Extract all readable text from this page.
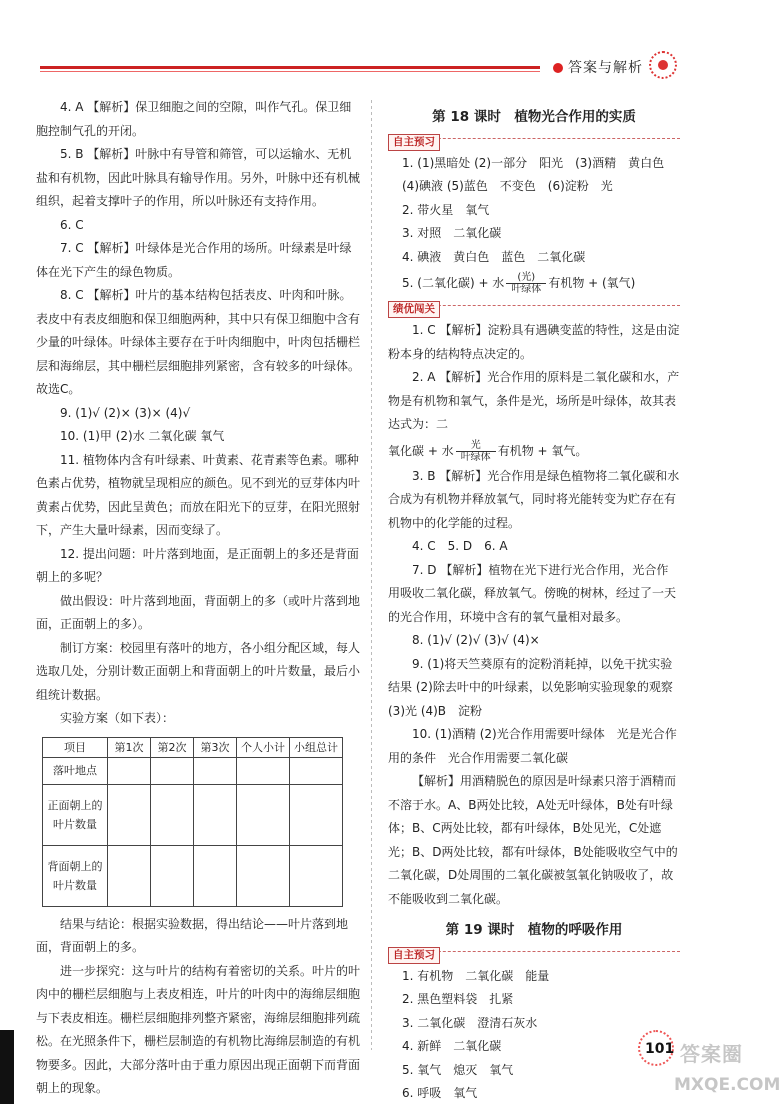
答案与解析

4. A 【解析】保卫细胞之间的空隙，叫作气孔。保卫细胞控制气孔的开闭。

5. B 【解析】叶脉中有导管和筛管，可以运输水、无机盐和有机物，因此叶脉具有输导作用。另外，叶脉中还有机械组织，起着支撑叶子的作用，所以叶脉还有支持作用。

6. C

7. C 【解析】叶绿体是光合作用的场所。叶绿素是叶绿体在光下产生的绿色物质。

8. C 【解析】叶片的基本结构包括表皮、叶肉和叶脉。表皮中有表皮细胞和保卫细胞两种，其中只有保卫细胞中含有少量的叶绿体。叶绿体主要存在于叶肉细胞中，叶肉包括栅栏层和海绵层，其中栅栏层细胞排列紧密，含有较多的叶绿体。故选C。

9. (1)√ (2)× (3)× (4)√

10. (1)甲 (2)水 二氧化碳 氧气

11. 植物体内含有叶绿素、叶黄素、花青素等色素。哪种色素占优势，植物就呈现相应的颜色。见不到光的豆芽体内叶黄素占优势，因此呈黄色；而放在阳光下的豆芽，在阳光照射下，产生大量叶绿素，因而变绿了。

12. 提出问题：叶片落到地面，是正面朝上的多还是背面朝上的多呢？

做出假设：叶片落到地面，背面朝上的多（或叶片落到地面，正面朝上的多）。

制订方案：校园里有落叶的地方，各小组分配区域，每人选取几处，分别计数正面朝上和背面朝上的叶片数量，最后小组统计数据。

实验方案（如下表）：

项目	第1次	第2次	第3次	个人小计	小组总计
落叶地点					
正面朝上的叶片数量					
背面朝上的叶片数量					

结果与结论：根据实验数据，得出结论——叶片落到地面，背面朝上的多。

进一步探究：这与叶片的结构有着密切的关系。叶片的叶肉中的栅栏层细胞与上表皮相连，叶片的叶肉中的海绵层细胞与下表皮相连。栅栏层细胞排列整齐紧密，海绵层细胞排列疏松。在光照条件下，栅栏层制造的有机物比海绵层制造的有机物要多。因此，大部分落叶由于重力原因出现正面朝下而背面朝上的现象。

第 18 课时　植物光合作用的实质

自主预习

1. (1)黑暗处 (2)一部分　阳光　(3)酒精　黄白色

(4)碘液 (5)蓝色　不变色　(6)淀粉　光

2. 带火星　氧气

3. 对照　二氧化碳

4. 碘液　黄白色　蓝色　二氧化碳

5. (二氧化碳) + 水	(光)
叶绿体 有机物 + (氧气)

绩优闯关

1. C 【解析】淀粉具有遇碘变蓝的特性，这是由淀粉本身的结构特点决定的。

2. A 【解析】光合作用的原料是二氧化碳和水，产物是有机物和氧气，条件是光，场所是叶绿体，故其表达式为：二

氧化碳 + 水	光
叶绿体 有机物 + 氧气。

3. B 【解析】光合作用是绿色植物将二氧化碳和水合成为有机物并释放氧气，同时将光能转变为贮存在有机物中的化学能的过程。

4. C　5. D　6. A

7. D 【解析】植物在光下进行光合作用，光合作用吸收二氧化碳，释放氧气。傍晚的树林，经过了一天的光合作用，环境中含有的氧气量相对最多。

8. (1)√ (2)√ (3)√ (4)×

9. (1)将天竺葵原有的淀粉消耗掉，以免干扰实验结果 (2)除去叶中的叶绿素，以免影响实验现象的观察 (3)光 (4)B　淀粉

10. (1)酒精 (2)光合作用需要叶绿体　光是光合作用的条件　光合作用需要二氧化碳

【解析】用酒精脱色的原因是叶绿素只溶于酒精而不溶于水。A、B两处比较，A处无叶绿体，B处有叶绿体；B、C两处比较，都有叶绿体，B处见光，C处遮光；B、D两处比较，都有叶绿体，B处能吸收空气中的二氧化碳，D处周围的二氧化碳被氢氧化钠吸收了，故不能吸收到二氧化碳。

第 19 课时　植物的呼吸作用

自主预习

1. 有机物　二氧化碳　能量

2. 黑色塑料袋　扎紧

3. 二氧化碳　澄清石灰水

4. 新鲜　二氧化碳

5. 氧气　熄灭　氧气

6. 呼吸　氧气

101 答案圈
MXQE.COM
